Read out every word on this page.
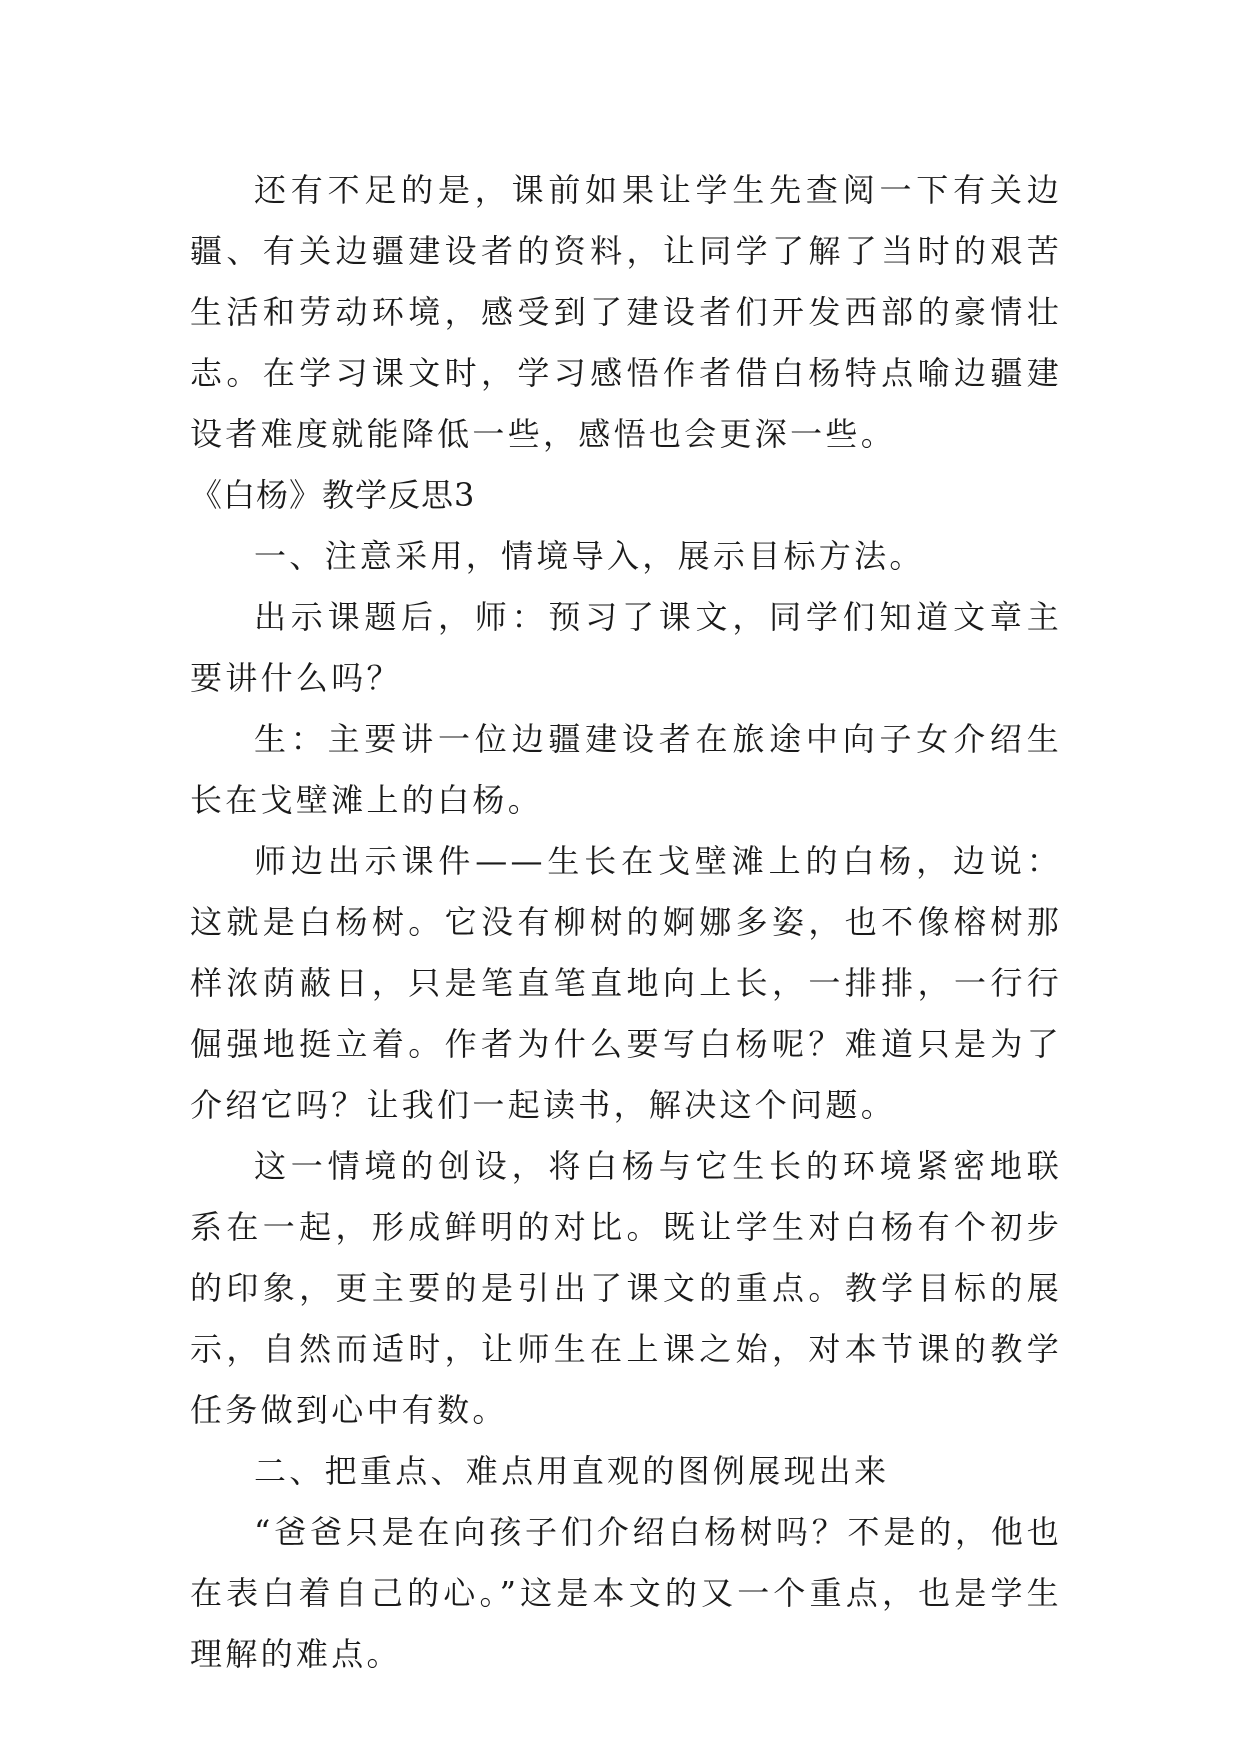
还有不足的是，课前如果让学生先查阅一下有关边疆、有关边疆建设者的资料，让同学了解了当时的艰苦生活和劳动环境，感受到了建设者们开发西部的豪情壮志。在学习课文时，学习感悟作者借白杨特点喻边疆建设者难度就能降低一些，感悟也会更深一些。

《白杨》教学反思3

一、注意采用，情境导入，展示目标方法。

出示课题后，师：预习了课文，同学们知道文章主要讲什么吗？

生：主要讲一位边疆建设者在旅途中向子女介绍生长在戈壁滩上的白杨。

师边出示课件——生长在戈壁滩上的白杨，边说：这就是白杨树。它没有柳树的婀娜多姿，也不像榕树那样浓荫蔽日，只是笔直笔直地向上长，一排排，一行行倔强地挺立着。作者为什么要写白杨呢？难道只是为了介绍它吗？让我们一起读书，解决这个问题。

这一情境的创设，将白杨与它生长的环境紧密地联系在一起，形成鲜明的对比。既让学生对白杨有个初步的印象，更主要的是引出了课文的重点。教学目标的展示，自然而适时，让师生在上课之始，对本节课的教学任务做到心中有数。

二、把重点、难点用直观的图例展现出来

“爸爸只是在向孩子们介绍白杨树吗？不是的，他也在表白着自己的心。”这是本文的又一个重点，也是学生理解的难点。
